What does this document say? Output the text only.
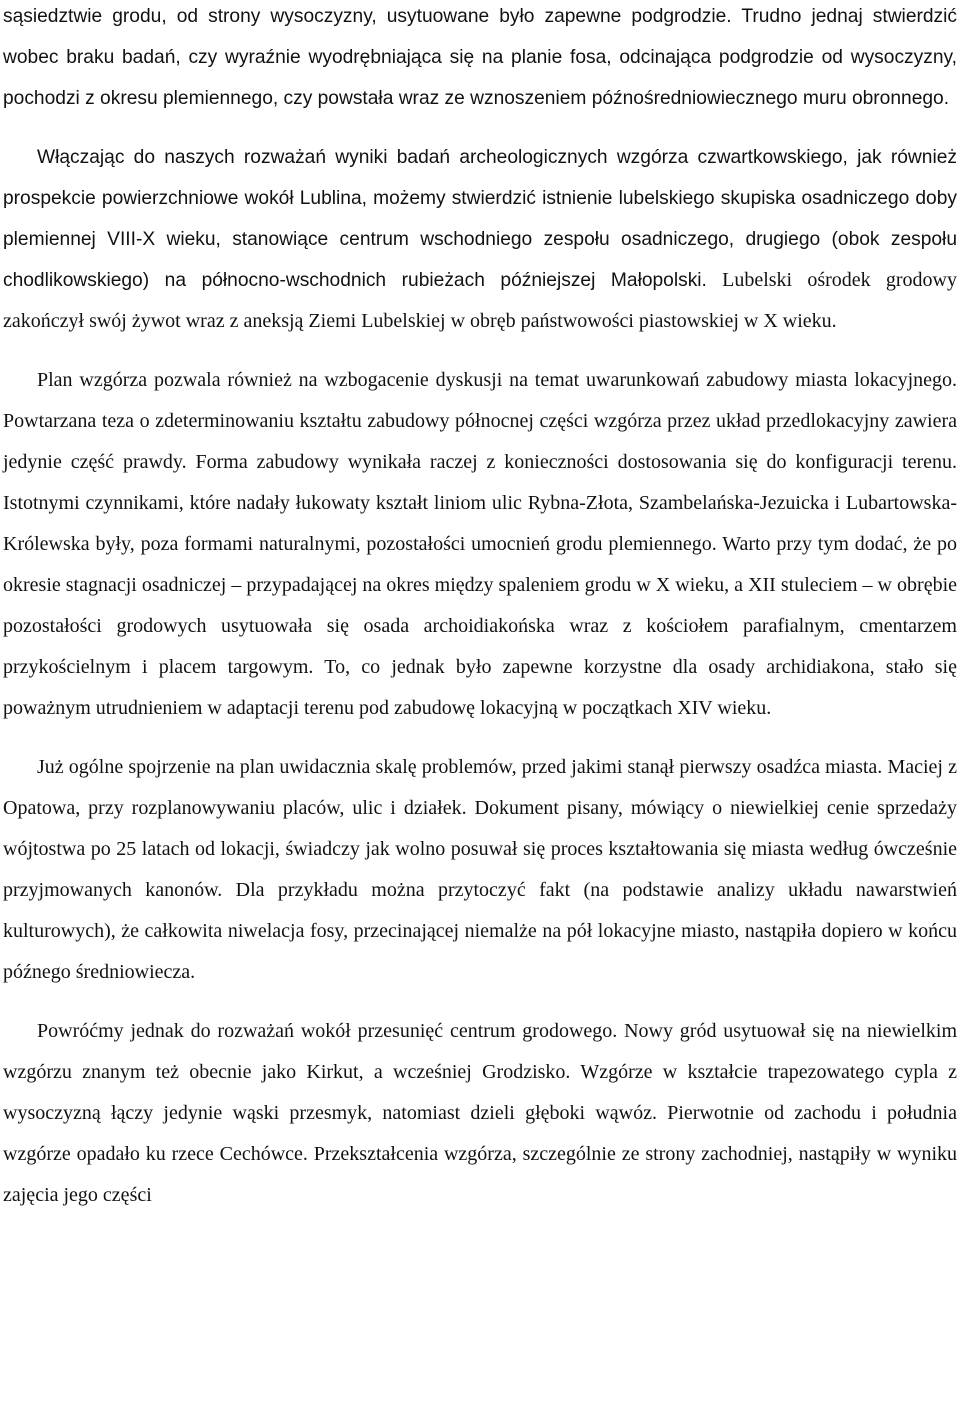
sąsiedztwie grodu, od strony wysoczyzny, usytuowane było zapewne podgrodzie. Trudno jednaj stwierdzić wobec braku badań, czy wyraźnie wyodrębniająca się na planie fosa, odcinająca podgrodzie od wysoczyzny, pochodzi z okresu plemiennego, czy powstała wraz ze wznoszeniem późnośredniowiecznego muru obronnego.

Włączając do naszych rozważań wyniki badań archeologicznych wzgórza czwartkowskiego, jak również prospekcie powierzchniowe wokół Lublina, możemy stwierdzić istnienie lubelskiego skupiska osadniczego doby plemiennej VIII-X wieku, stanowiące centrum wschodniego zespołu osadniczego, drugiego (obok zespołu chodlikowskiego) na północno-wschodnich rubieżach późniejszej Małopolski. Lubelski ośrodek grodowy zakończył swój żywot wraz z aneksją Ziemi Lubelskiej w obręb państwowości piastowskiej w X wieku.

Plan wzgórza pozwala również na wzbogacenie dyskusji na temat uwarunkowań zabudowy miasta lokacyjnego. Powtarzana teza o zdeterminowaniu kształtu zabudowy północnej części wzgórza przez układ przedlokacyjny zawiera jedynie część prawdy. Forma zabudowy wynikała raczej z konieczności dostosowania się do konfiguracji terenu. Istotnymi czynnikami, które nadały łukowaty kształt liniom ulic Rybna-Złota, Szambelańska-Jezuicka i Lubartowska-Królewska były, poza formami naturalnymi, pozostałości umocnień grodu plemiennego. Warto przy tym dodać, że po okresie stagnacji osadniczej – przypadającej na okres między spaleniem grodu w X wieku, a XII stuleciem – w obrębie pozostałości grodowych usytuowała się osada archoidiakońska wraz z kościołem parafialnym, cmentarzem przykościelnym i placem targowym. To, co jednak było zapewne korzystne dla osady archidiakona, stało się poważnym utrudnieniem w adaptacji terenu pod zabudowę lokacyjną w początkach XIV wieku.

Już ogólne spojrzenie na plan uwidacznia skalę problemów, przed jakimi stanął pierwszy osadźca miasta. Maciej z Opatowa, przy rozplanowywaniu placów, ulic i działek. Dokument pisany, mówiący o niewielkiej cenie sprzedaży wójtostwa po 25 latach od lokacji, świadczy jak wolno posuwał się proces kształtowania się miasta według ówcześnie przyjmowanych kanonów. Dla przykładu można przytoczyć fakt (na podstawie analizy układu nawarstwień kulturowych), że całkowita niwelacja fosy, przecinającej niemalże na pół lokacyjne miasto, nastąpiła dopiero w końcu późnego średniowiecza.

Powróćmy jednak do rozważań wokół przesunięć centrum grodowego. Nowy gród usytuował się na niewielkim wzgórzu znanym też obecnie jako Kirkut, a wcześniej Grodzisko. Wzgórze w kształcie trapezowatego cypla z wysoczyzną łączy jedynie wąski przesmyk, natomiast dzieli głęboki wąwóz. Pierwotnie od zachodu i południa wzgórze opadało ku rzece Cechówce. Przekształcenia wzgórza, szczególnie ze strony zachodniej, nastąpiły w wyniku zajęcia jego części
